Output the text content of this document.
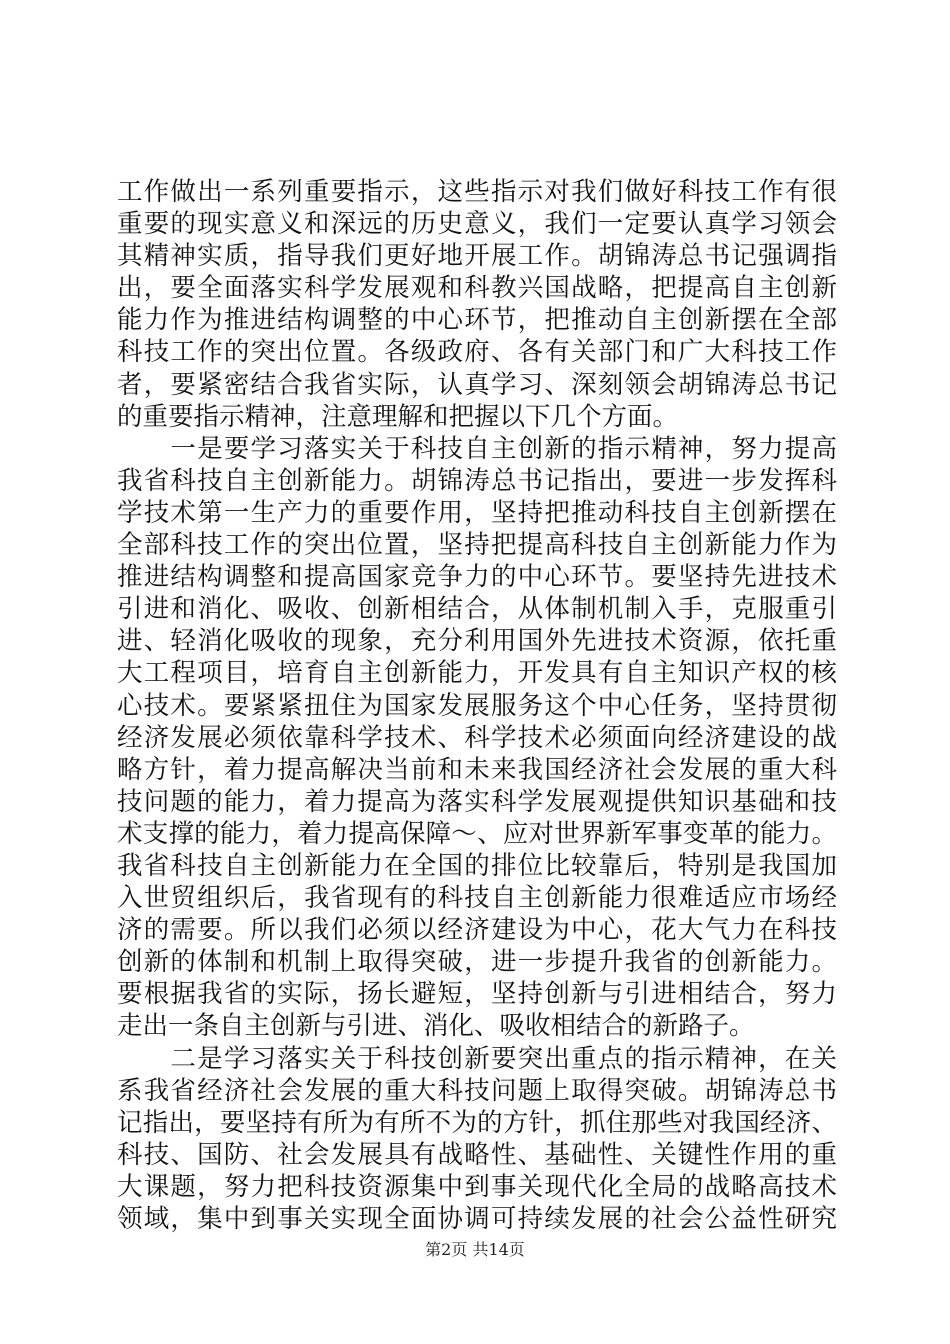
工作做出一系列重要指示，这些指示对我们做好科技工作有很
重要的现实意义和深远的历史意义，我们一定要认真学习领会
其精神实质，指导我们更好地开展工作。胡锦涛总书记强调指
出，要全面落实科学发展观和科教兴国战略，把提高自主创新
能力作为推进结构调整的中心环节，把推动自主创新摆在全部
科技工作的突出位置。各级政府、各有关部门和广大科技工作
者，要紧密结合我省实际，认真学习、深刻领会胡锦涛总书记
的重要指示精神，注意理解和把握以下几个方面。
　　一是要学习落实关于科技自主创新的指示精神，努力提高
我省科技自主创新能力。胡锦涛总书记指出，要进一步发挥科
学技术第一生产力的重要作用，坚持把推动科技自主创新摆在
全部科技工作的突出位置，坚持把提高科技自主创新能力作为
推进结构调整和提高国家竞争力的中心环节。要坚持先进技术
引进和消化、吸收、创新相结合，从体制机制入手，克服重引
进、轻消化吸收的现象，充分利用国外先进技术资源，依托重
大工程项目，培育自主创新能力，开发具有自主知识产权的核
心技术。要紧紧扭住为国家发展服务这个中心任务，坚持贯彻
经济发展必须依靠科学技术、科学技术必须面向经济建设的战
略方针，着力提高解决当前和未来我国经济社会发展的重大科
技问题的能力，着力提高为落实科学发展观提供知识基础和技
术支撑的能力，着力提高保障～、应对世界新军事变革的能力。
我省科技自主创新能力在全国的排位比较靠后，特别是我国加
入世贸组织后，我省现有的科技自主创新能力很难适应市场经
济的需要。所以我们必须以经济建设为中心，花大气力在科技
创新的体制和机制上取得突破，进一步提升我省的创新能力。
要根据我省的实际，扬长避短，坚持创新与引进相结合，努力
走出一条自主创新与引进、消化、吸收相结合的新路子。
　　二是学习落实关于科技创新要突出重点的指示精神，在关
系我省经济社会发展的重大科技问题上取得突破。胡锦涛总书
记指出，要坚持有所为有所不为的方针，抓住那些对我国经济、
科技、国防、社会发展具有战略性、基础性、关键性作用的重
大课题，努力把科技资源集中到事关现代化全局的战略高技术
领域，集中到事关实现全面协调可持续发展的社会公益性研究
第2页 共14页
